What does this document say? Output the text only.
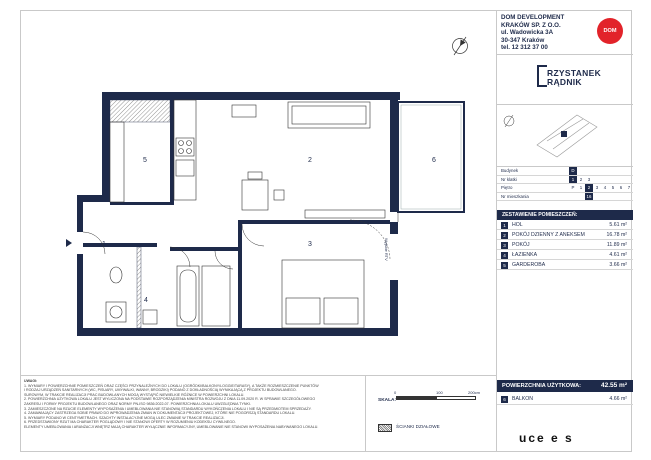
1
2
3
4
5	6
Wyjście RTV
UWAGI:
1. WYMIARY I POWIERZCHNIE POMIESZCZEŃ ORAZ CZĘŚCI PRZYNALEŻNYCH DO LOKALU (OGRÓDKI/BALKONY/LOGGIE/TARASY), A TAKŻE ROZMIESZCZENIE PUNKTÓW
I RODZAJ URZĄDZEŃ SANITARNYCH (WC, PISUARY, UMYWALKI, WANNY, BRODZIKI) PODANO Z DOKŁADNOŚCIĄ WYNIKAJĄCĄ Z PROJEKTU BUDOWLANEGO.
SUROWYM, W TRAKCIE REALIZACJI PRAC BUDOWLANYCH MOGĄ WYSTĄPIĆ NIEWIELKIE RÓŻNICE W POWIERZCHNI LOKALU.
2. POWIERZCHNIA UŻYTKOWA LOKALU JEST WYLICZONA NA PODSTAWIE ROZPORZĄDZENIA MINISTRA ROZWOJU Z DNIA 11.09.2020 R. W SPRAWIE SZCZEGÓŁOWEGO
ZAKRESU I FORMY PROJEKTU BUDOWLANEGO ORAZ NORMY PN-ISO 9836:2022-07. POWIERZCHNIA LOKALU UWZGLĘDNIA TYNKI.
3. ZAMIESZCZONE NA RZUCIE ELEMENTY WYPOSAŻENIA I UMEBLOWANIA NIE STANOWIĄ STANDARDU WYKOŃCZENIA LOKALU I NIE SĄ PRZEDMIOTEM SPRZEDAŻY.
4. ZAMAWIAJĄCY ZASTRZEGA SOBIE PRAWO DO WPROWADZENIA ZMIAN W DOKUMENTACJI PROJEKTOWEJ, KTÓRE NIE POGORSZĄ STANDARDU LOKALU.
5. WYMIARY PODANO W CENTYMETRACH. SZACHTY INSTALACYJNE MOGĄ ULEC ZMIANIE W TRAKCIE REALIZACJI.
6. PRZEDSTAWIONY RZUT MA CHARAKTER POGLĄDOWY I NIE STANOWI OFERTY W ROZUMIENIU KODEKSU CYWILNEGO.
ELEMENTY UMEBLOWANIA I ARANŻACJI WNĘTRZ MAJĄ CHARAKTER WYŁĄCZNIE INFORMACYJNY, UMEBLOWANIE NIE STANOWI WYPOSAŻENIA NABYWANEGO LOKALU.
SKALA:
0	100	200cm
ŚCIANKI DZIAŁOWE
DOM DEVELOPMENT
KRAKÓW SP. Z O.O.
ul. Wadowicka 3A
30-347 Kraków
tel. 12 312 37 00
DOM
RZYSTANEK
RĄDNIK
Budynek	D							
Nr klatki	1	2	3					
Piętro	P	1	2	3	4	5	6	7
Nr mieszkania			16					
ZESTAWIENIE POMIESZCZEŃ:
1	HOL	5.61 m²
2	POKÓJ DZIENNY Z ANEKSEM	16.78 m²
3	POKÓJ	11.89 m²
4	ŁAZIENKA	4.61 m²
5	GARDEROBA	3.66 m²
POWIERZCHNIA UŻYTKOWA:	42.55 m²
6	BALKON	4.66 m²
uce e s
